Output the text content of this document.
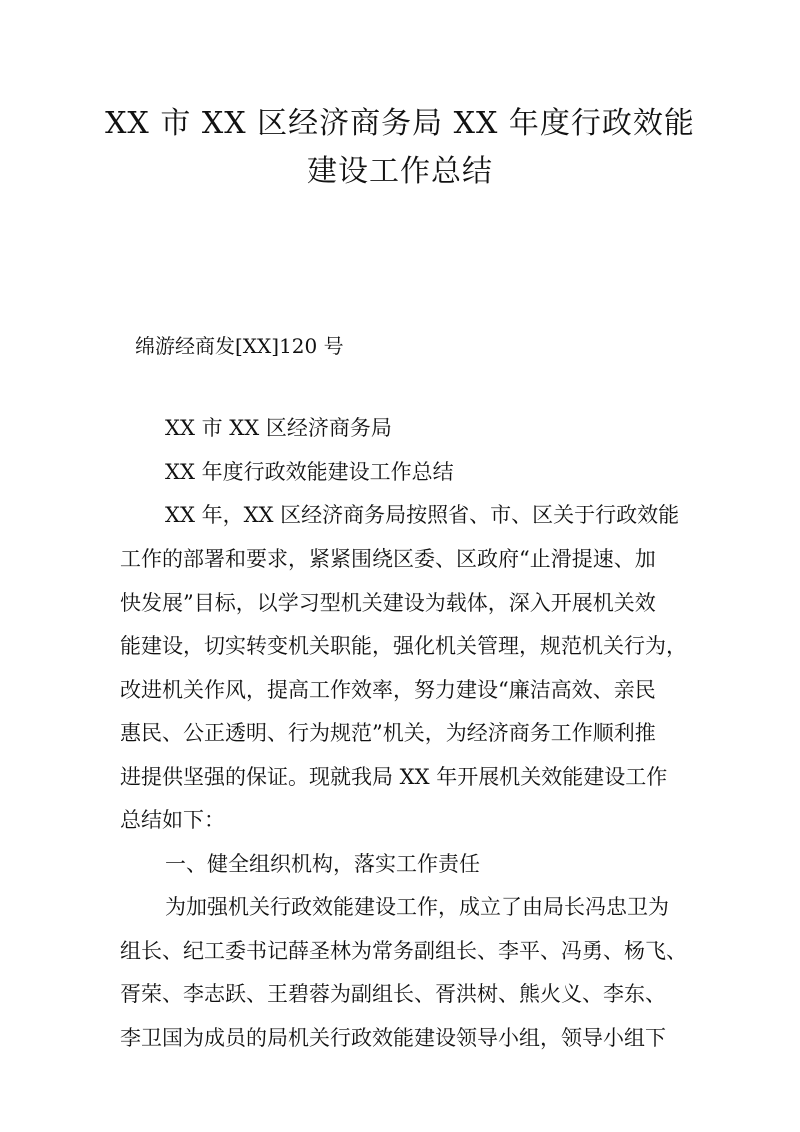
XX 市 XX 区经济商务局 XX 年度行政效能
建设工作总结
绵游经商发[XX]120 号
XX 市 XX 区经济商务局
XX 年度行政效能建设工作总结
XX 年，XX 区经济商务局按照省、市、区关于行政效能
工作的部署和要求，紧紧围绕区委、区政府“止滑提速、加
快发展”目标，以学习型机关建设为载体，深入开展机关效
能建设，切实转变机关职能，强化机关管理，规范机关行为，
改进机关作风，提高工作效率，努力建设“廉洁高效、亲民
惠民、公正透明、行为规范”机关，为经济商务工作顺利推
进提供坚强的保证。现就我局 XX 年开展机关效能建设工作
总结如下：
一、健全组织机构，落实工作责任
为加强机关行政效能建设工作，成立了由局长冯忠卫为
组长、纪工委书记薛圣林为常务副组长、李平、冯勇、杨飞、
胥荣、李志跃、王碧蓉为副组长、胥洪树、熊火义、李东、
李卫国为成员的局机关行政效能建设领导小组，领导小组下
